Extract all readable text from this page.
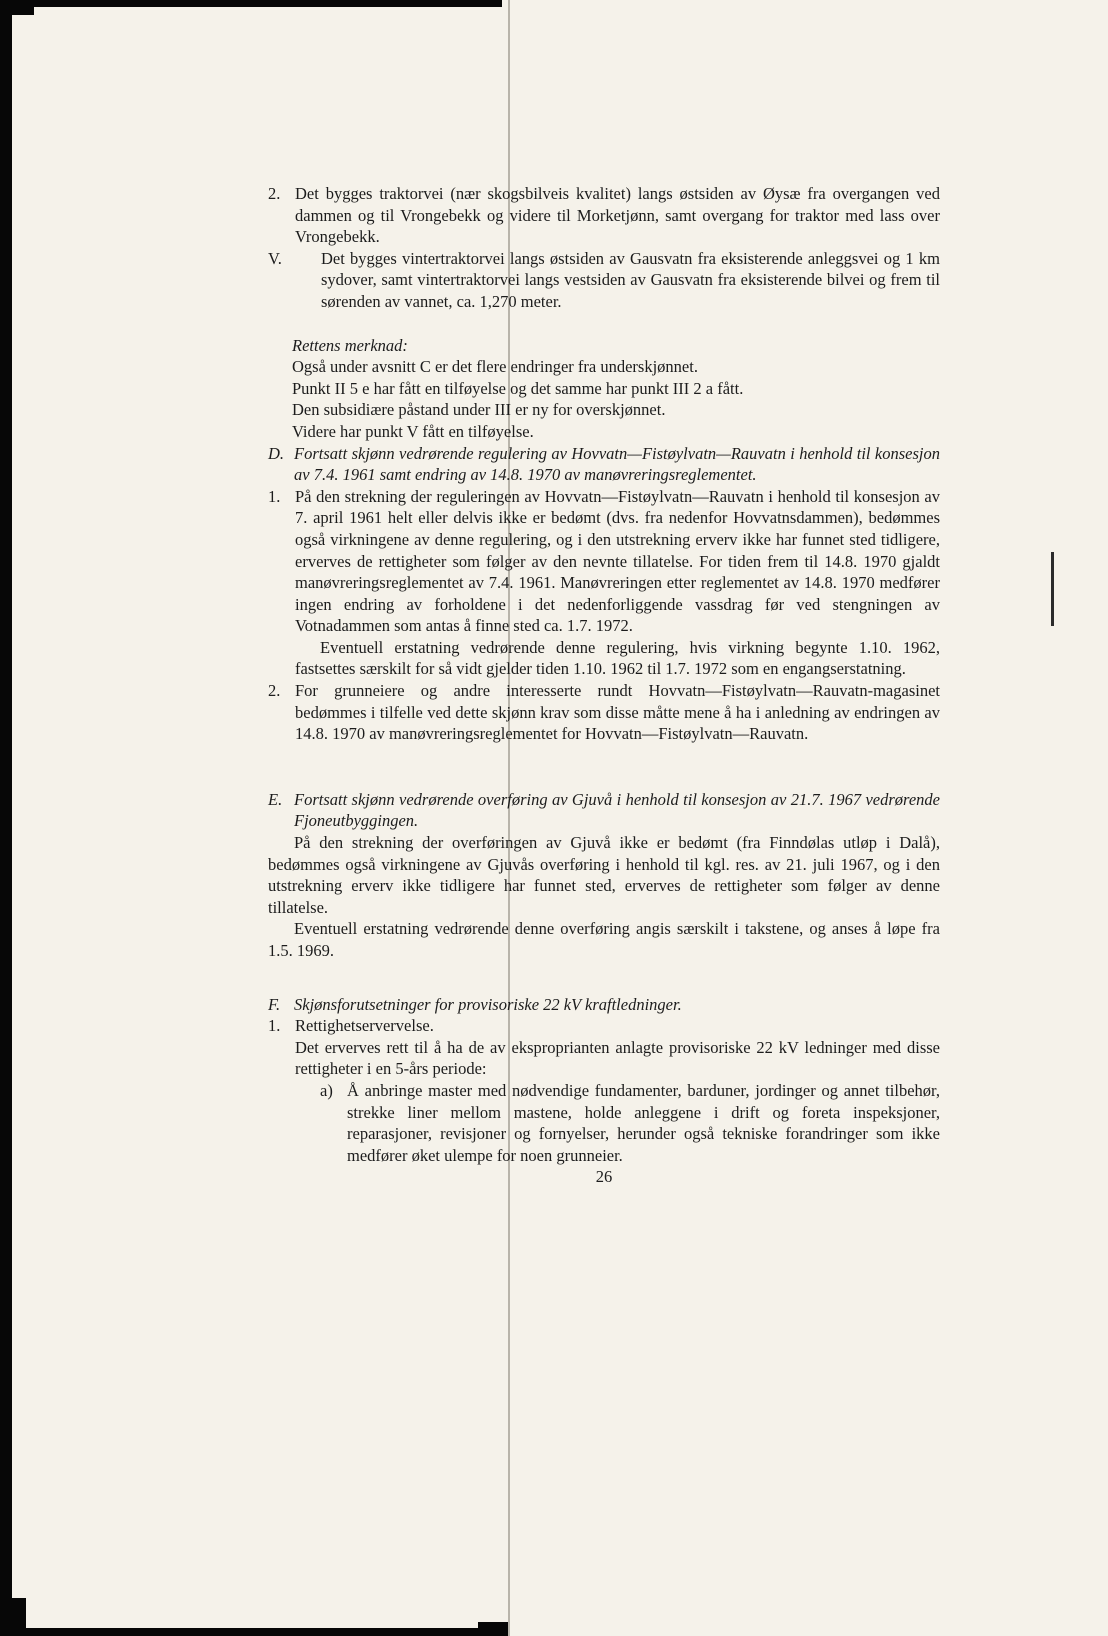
2. Det bygges traktorvei (nær skogsbilveis kvalitet) langs østsiden av Øysæ fra overgangen ved dammen og til Vrongebekk og videre til Morketjønn, samt overgang for traktor med lass over Vrongebekk.

V. Det bygges vintertraktorvei langs østsiden av Gausvatn fra eksisterende anleggsvei og 1 km sydover, samt vintertraktorvei langs vestsiden av Gausvatn fra eksisterende bilvei og frem til sørenden av vannet, ca. 1,270 meter.

Rettens merknad:

Også under avsnitt C er det flere endringer fra underskjønnet.

Punkt II 5 e har fått en tilføyelse og det samme har punkt III 2 a fått.

Den subsidiære påstand under III er ny for overskjønnet.

Videre har punkt V fått en tilføyelse.

D. Fortsatt skjønn vedrørende regulering av Hovvatn—Fistøylvatn—Rauvatn i henhold til konsesjon av 7.4. 1961 samt endring av 14.8. 1970 av manøvreringsreglementet.

1. På den strekning der reguleringen av Hovvatn—Fistøylvatn—Rauvatn i henhold til konsesjon av 7. april 1961 helt eller delvis ikke er bedømt (dvs. fra nedenfor Hovvatnsdammen), bedømmes også virkningene av denne regulering, og i den utstrekning erverv ikke har funnet sted tidligere, erverves de rettigheter som følger av den nevnte tillatelse. For tiden frem til 14.8. 1970 gjaldt manøvreringsreglementet av 7.4. 1961. Manøvreringen etter reglementet av 14.8. 1970 medfører ingen endring av forholdene i det nedenforliggende vassdrag før ved stengningen av Votnadammen som antas å finne sted ca. 1.7. 1972.

Eventuell erstatning vedrørende denne regulering, hvis virkning begynte 1.10. 1962, fastsettes særskilt for så vidt gjelder tiden 1.10. 1962 til 1.7. 1972 som en engangserstatning.

2. For grunneiere og andre interesserte rundt Hovvatn—Fistøylvatn—Rauvatn-magasinet bedømmes i tilfelle ved dette skjønn krav som disse måtte mene å ha i anledning av endringen av 14.8. 1970 av manøvreringsreglementet for Hovvatn—Fistøylvatn—Rauvatn.

E. Fortsatt skjønn vedrørende overføring av Gjuvå i henhold til konsesjon av 21.7. 1967 vedrørende Fjoneutbyggingen.

På den strekning der overføringen av Gjuvå ikke er bedømt (fra Finndølas utløp i Dalå), bedømmes også virkningene av Gjuvås overføring i henhold til kgl. res. av 21. juli 1967, og i den utstrekning erverv ikke tidligere har funnet sted, erverves de rettigheter som følger av denne tillatelse.

Eventuell erstatning vedrørende denne overføring angis særskilt i takstene, og anses å løpe fra 1.5. 1969.

F. Skjønsforutsetninger for provisoriske 22 kV kraftledninger.

1. Rettighetservervelse.

Det erverves rett til å ha de av eksproprianten anlagte provisoriske 22 kV ledninger med disse rettigheter i en 5-års periode:

a) Å anbringe master med nødvendige fundamenter, barduner, jordinger og annet tilbehør, strekke liner mellom mastene, holde anleggene i drift og foreta inspeksjoner, reparasjoner, revisjoner og fornyelser, herunder også tekniske forandringer som ikke medfører øket ulempe for noen grunneier.

26
